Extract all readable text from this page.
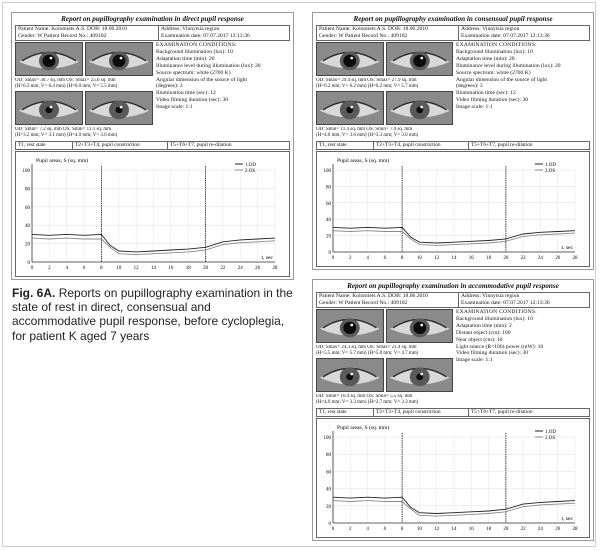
Report on pupillography examination in direct pupil response
Patient Name: Kolomiets A.S. DOB: 18.06.2010
Gender: W Patient Record No.: 409102
Address: Vinnytsia region
Examination date: 07.07.2017 12:13:36
OD: Smax= 30.7 sq. mm OS: Smax= 25.6 sq. mm
(H=6.3 mm; V= 6.4 mm) (H=6.0 mm; V= 5.5 mm)
OD: Smin= 7.2 sq. mm OS: Smin= 11.1 sq. mm
(H=3.2 mm; V= 3.1 mm) (H=4.0 mm; V= 3.6 mm)
EXAMINATION CONDITIONS:
Background illumination (lux): 10
Adaptation time (min): 20
Illuminance level during illumination (lux): 20
Source spectrum: white (2700 K)
Angular dimension of the source of light
(degrees): 3
Illumination time (sec): 12
Video filming duration (sec): 30
Image scale: 1:1
T1, rest state	T2+T3+T4, pupil constriction	T5+T6+T7, pupil re-dilation
0
20
40
60
80
100
0	2	4	6	8	10 12 14 16 18 20 22 24 26 28
Pupil areas, S (sq. mm)
t, sec
1.OD
2.OS
Report on pupillography examination in consensual pupil response
Patient Name: Kolomiets A.S. DOB: 18.06.2010
Gender: W Patient Record No.: 409102
Address: Vinnytsia region
Examination date: 07.07.2017 12:13:36
OD: Smax= 29.4 sq. mm OS: Smax= 27.9 sq. mm
(H=6.2 mm; V= 6.2 mm) (H=6.2 mm; V= 5.7 mm)
OD: Smin= 11.4 sq. mm OS: Smin= 7.9 sq. mm
(H=4.0 mm; V= 3.6 mm) (H=3.3 mm; V= 3.0 mm)
EXAMINATION CONDITIONS:
Background illumination (lux): 10
Adaptation time (min): 20
Illuminance level during illumination (lux): 20
Source spectrum: white (2700 K)
Angular dimension of the source of light
(degrees): 3
Illumination time (sec): 12
Video filming duration (sec): 30
Image scale: 1:1
T1, rest state	T2+T3+T4, pupil constriction	T5+T6+T7, pupil re-dilation
0
20
40
60
80
100
0	2	4	6	8	10 12 14 16 18 20 22 24 26 28
Pupil areas, S (sq. mm)
t, sec
1.OD
2.OS
Report on pupillography examination in accommodative pupil response
Patient Name: Kolomiets A.S. DOB: 18.06.2010
Gender: W Patient Record No.: 409102
Address: Vinnytsia region
Examination date: 07.07.2017 12:13:36
OD: Smax= 24.3 sq. mm OS: Smax= 21.4 sq. mm
(H=5.5 mm; V= 5.7 mm) (H=5.0 mm; V= 4.7 mm)
OD: Smin= 10.4 sq. mm OS: Smin= 5.5 sq. mm
(H=4.0 mm; V= 3.3 mm) (H=2.7 mm; V= 3.3 mm)
EXAMINATION CONDITIONS:
Background illumination (lux): 10
Adaptation time (min): 2
Distant object (cm): 100
Near object (cm): 10
Light source (R=100) power (mW): 10
Video filming duration (sec): 30
Image scale: 1:1
T1, rest state	T2+T3+T4, pupil constriction	T5+T6+T7, pupil re-dilation
0
20
40
60
80
100
0	2	4	6	8	10 12 14 16 18 20 22 24 26 28
Pupil areas, S (sq. mm)
t, sec
1.OD
2.OS
Fig. 6A. Reports on pupillography examination in the state of rest in direct, consensual and accommodative pupil response, before cycloplegia, for patient K aged 7 years
